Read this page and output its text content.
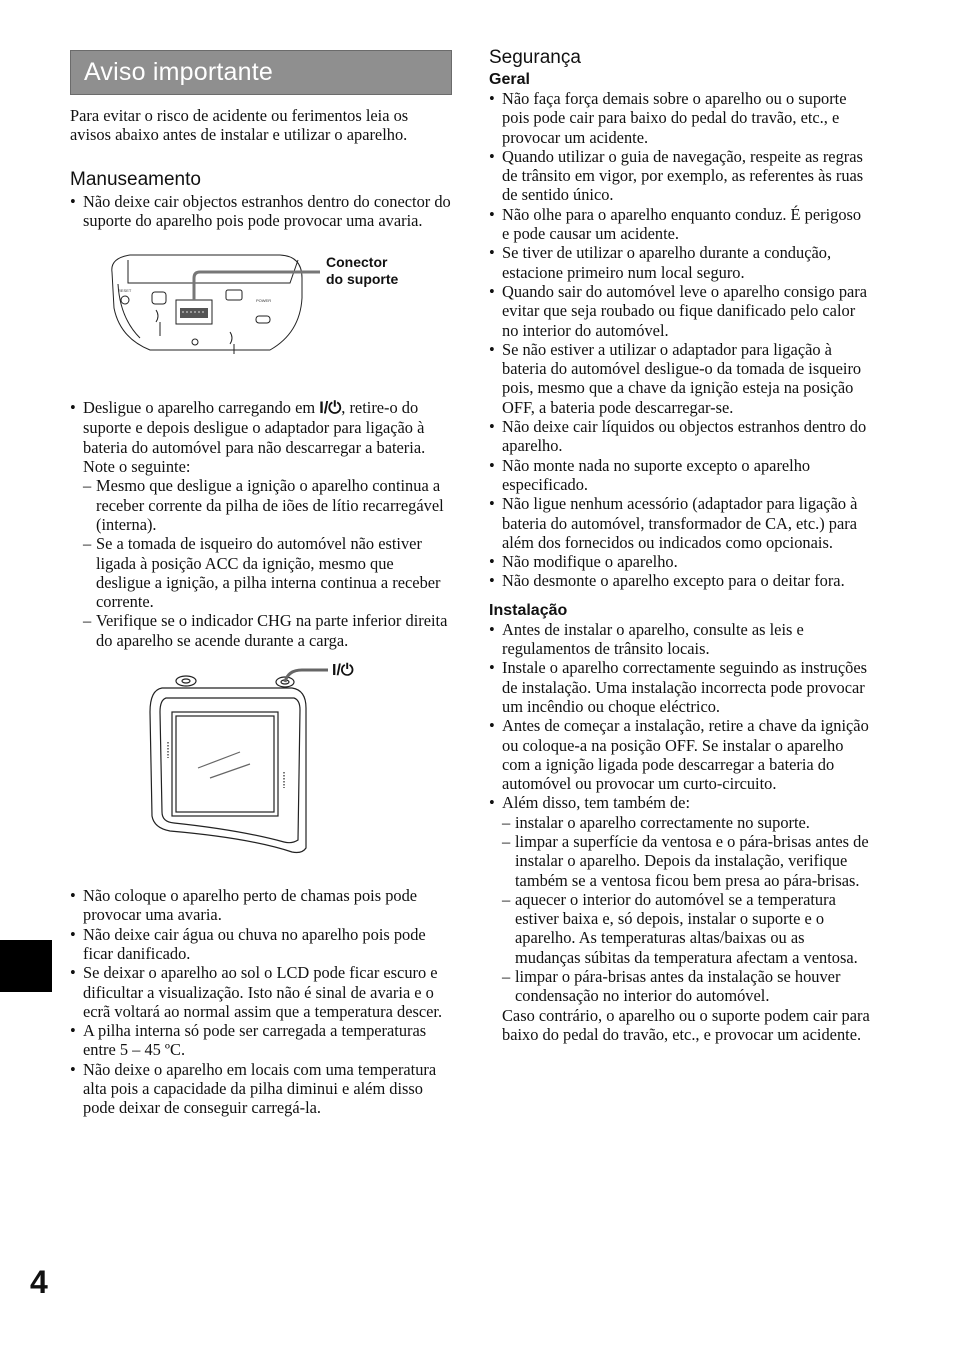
Aviso importante

Para evitar o risco de acidente ou ferimentos leia os avisos abaixo antes de instalar e utilizar o aparelho.

Manuseamento
• Não deixe cair objectos estranhos dentro do conector do suporte do aparelho pois pode provocar uma avaria.
RESET
POWER
Conector
do suporte
• Desligue o aparelho carregando em I/⏻, retire-o do suporte e depois desligue o adaptador para ligação à bateria do automóvel para não descarregar a bateria. Note o seguinte:
– Mesmo que desligue a ignição o aparelho continua a receber corrente da pilha de iões de lítio recarregável (interna).
– Se a tomada de isqueiro do automóvel não estiver ligada à posição ACC da ignição, mesmo que desligue a ignição, a pilha interna continua a receber corrente.
– Verifique se o indicador CHG na parte inferior direita do aparelho se acende durante a carga.
I/⏻
• Não coloque o aparelho perto de chamas pois pode provocar uma avaria.
• Não deixe cair água ou chuva no aparelho pois pode ficar danificado.
• Se deixar o aparelho ao sol o LCD pode ficar escuro e dificultar a visualização. Isto não é sinal de avaria e o ecrã voltará ao normal assim que a temperatura descer.
• A pilha interna só pode ser carregada a temperaturas entre 5 – 45 ºC.
• Não deixe o aparelho em locais com uma temperatura alta pois a capacidade da pilha diminui e além disso pode deixar de conseguir carregá-la.
Segurança
Geral
• Não faça força demais sobre o aparelho ou o suporte pois pode cair para baixo do pedal do travão, etc., e provocar um acidente.
• Quando utilizar o guia de navegação, respeite as regras de trânsito em vigor, por exemplo, as referentes às ruas de sentido único.
• Não olhe para o aparelho enquanto conduz. É perigoso e pode causar um acidente.
• Se tiver de utilizar o aparelho durante a condução, estacione primeiro num local seguro.
• Quando sair do automóvel leve o aparelho consigo para evitar que seja roubado ou fique danificado pelo calor no interior do automóvel.
• Se não estiver a utilizar o adaptador para ligação à bateria do automóvel desligue-o da tomada de isqueiro pois, mesmo que a chave da ignição esteja na posição OFF, a bateria pode descarregar-se.
• Não deixe cair líquidos ou objectos estranhos dentro do aparelho.
• Não monte nada no suporte excepto o aparelho especificado.
• Não ligue nenhum acessório (adaptador para ligação à bateria do automóvel, transformador de CA, etc.) para além dos fornecidos ou indicados como opcionais.
• Não modifique o aparelho.
• Não desmonte o aparelho excepto para o deitar fora.
Instalação
• Antes de instalar o aparelho, consulte as leis e regulamentos de trânsito locais.
• Instale o aparelho correctamente seguindo as instruções de instalação. Uma instalação incorrecta pode provocar um incêndio ou choque eléctrico.
• Antes de começar a instalação, retire a chave da ignição ou coloque-a na posição OFF. Se instalar o aparelho com a ignição ligada pode descarregar a bateria do automóvel ou provocar um curto-circuito.
• Além disso, tem também de:
– instalar o aparelho correctamente no suporte.
– limpar a superfície da ventosa e o pára-brisas antes de instalar o aparelho. Depois da instalação, verifique também se a ventosa ficou bem presa ao pára-brisas.
– aquecer o interior do automóvel se a temperatura estiver baixa e, só depois, instalar o suporte e o aparelho. As temperaturas altas/baixas ou as mudanças súbitas da temperatura afectam a ventosa.
– limpar o pára-brisas antes da instalação se houver condensação no interior do automóvel.

Caso contrário, o aparelho ou o suporte podem cair para baixo do pedal do travão, etc., e provocar um acidente.

4
